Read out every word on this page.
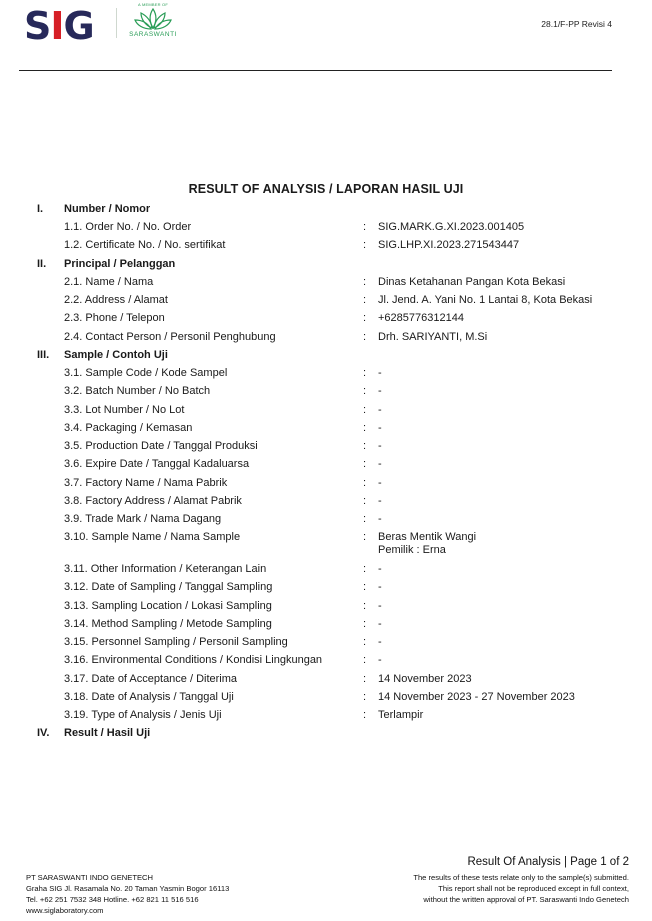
SIG	A MEMBER OF
SARASWANTI
28.1/F-PP Revisi 4
RESULT OF ANALYSIS / LAPORAN HASIL UJI
I. Number / Nomor
1.1. Order No. / No. Order	: SIG.MARK.G.XI.2023.001405
1.2. Certificate No. / No. sertifikat	: SIG.LHP.XI.2023.271543447
II. Principal / Pelanggan
2.1. Name / Nama	: Dinas Ketahanan Pangan Kota Bekasi
2.2. Address / Alamat	: Jl. Jend. A. Yani No. 1 Lantai 8, Kota Bekasi
2.3. Phone / Telepon	: +6285776312144
2.4. Contact Person / Personil Penghubung	: Drh. SARIYANTI, M.Si
III. Sample / Contoh Uji
3.1. Sample Code / Kode Sampel	: -
3.2. Batch Number / No Batch	: -
3.3. Lot Number / No Lot	: -
3.4. Packaging / Kemasan	: -
3.5. Production Date / Tanggal Produksi	: -
3.6. Expire Date / Tanggal Kadaluarsa	: -
3.7. Factory Name / Nama Pabrik	: -
3.8. Factory Address / Alamat Pabrik	: -
3.9. Trade Mark / Nama Dagang	: -
3.10. Sample Name / Nama Sample	: Beras Mentik Wangi
Pemilik : Erna
3.11. Other Information / Keterangan Lain	: -
3.12. Date of Sampling / Tanggal Sampling	: -
3.13. Sampling Location / Lokasi Sampling	: -
3.14. Method Sampling / Metode Sampling	: -
3.15. Personnel Sampling / Personil Sampling	: -
3.16. Environmental Conditions / Kondisi Lingkungan	: -
3.17. Date of Acceptance / Diterima	: 14 November 2023
3.18. Date of Analysis / Tanggal Uji	: 14 November 2023 - 27 November 2023
3.19. Type of Analysis / Jenis Uji	: Terlampir
IV. Result / Hasil Uji
PT SARASWANTI INDO GENETECH
Graha SIG Jl. Rasamala No. 20 Taman Yasmin Bogor 16113
Tel. +62 251 7532 348 Hotline. +62 821 11 516 516
www.siglaboratory.com
Result Of Analysis | Page 1 of 2
The results of these tests relate only to the sample(s) submitted.
This report shall not be reproduced except in full context,
without the written approval of PT. Saraswanti Indo Genetech
